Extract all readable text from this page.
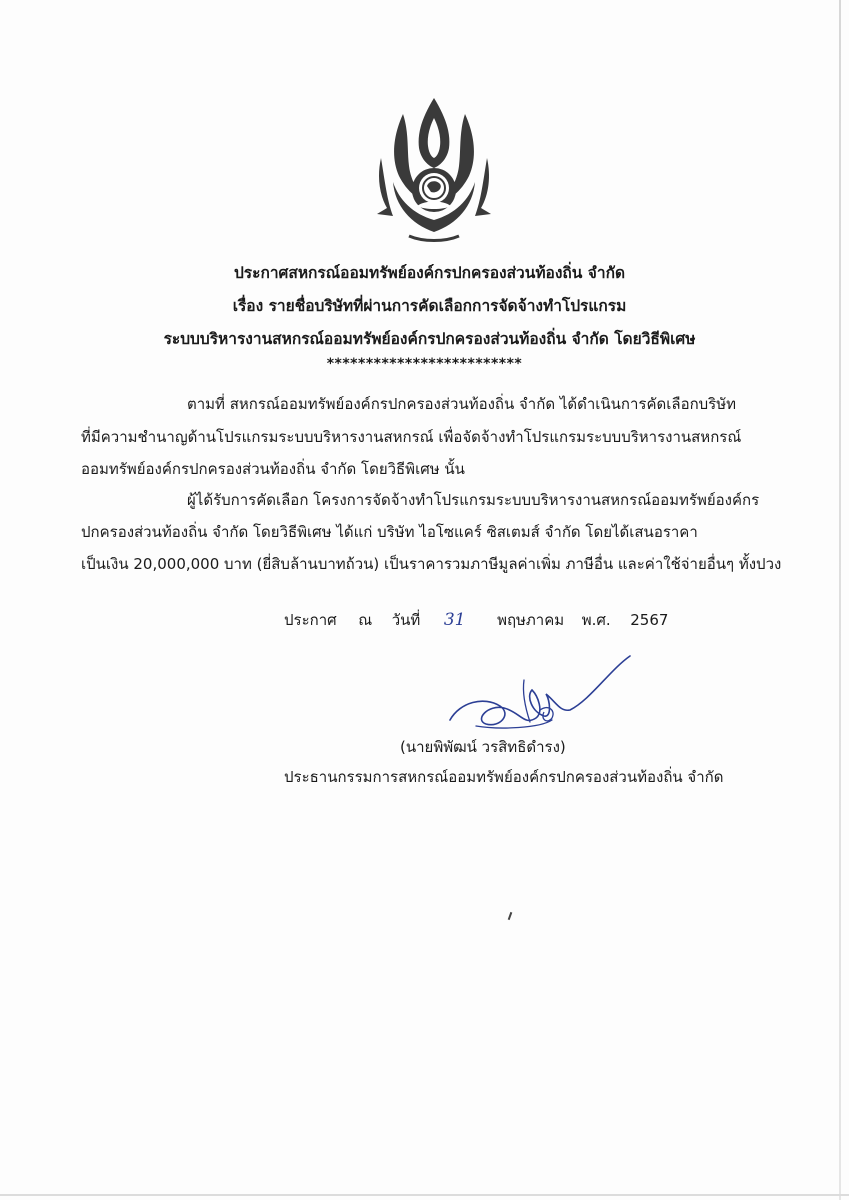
ประกาศสหกรณ์ออมทรัพย์องค์กรปกครองส่วนท้องถิ่น จำกัด
เรื่อง รายชื่อบริษัทที่ผ่านการคัดเลือกการจัดจ้างทำโปรแกรม
ระบบบริหารงานสหกรณ์ออมทรัพย์องค์กรปกครองส่วนท้องถิ่น จำกัด โดยวิธีพิเศษ
*************************
ตามที่ สหกรณ์ออมทรัพย์องค์กรปกครองส่วนท้องถิ่น จำกัด ได้ดำเนินการคัดเลือกบริษัท
ที่มีความชำนาญด้านโปรแกรมระบบบริหารงานสหกรณ์ เพื่อจัดจ้างทำโปรแกรมระบบบริหารงานสหกรณ์
ออมทรัพย์องค์กรปกครองส่วนท้องถิ่น จำกัด โดยวิธีพิเศษ นั้น
ผู้ได้รับการคัดเลือก โครงการจัดจ้างทำโปรแกรมระบบบริหารงานสหกรณ์ออมทรัพย์องค์กร
ปกครองส่วนท้องถิ่น จำกัด โดยวิธีพิเศษ ได้แก่ บริษัท ไอโซแคร์ ซิสเตมส์ จำกัด โดยได้เสนอราคา
เป็นเงิน 20,000,000 บาท (ยี่สิบล้านบาทถ้วน) เป็นราคารวมภาษีมูลค่าเพิ่ม ภาษีอื่น และค่าใช้จ่ายอื่นๆ ทั้งปวง
ประกาศ ณ วันที่ 31 พฤษภาคม พ.ศ. 2567
(นายพิพัฒน์ วรสิทธิดำรง)
ประธานกรรมการสหกรณ์ออมทรัพย์องค์กรปกครองส่วนท้องถิ่น จำกัด
